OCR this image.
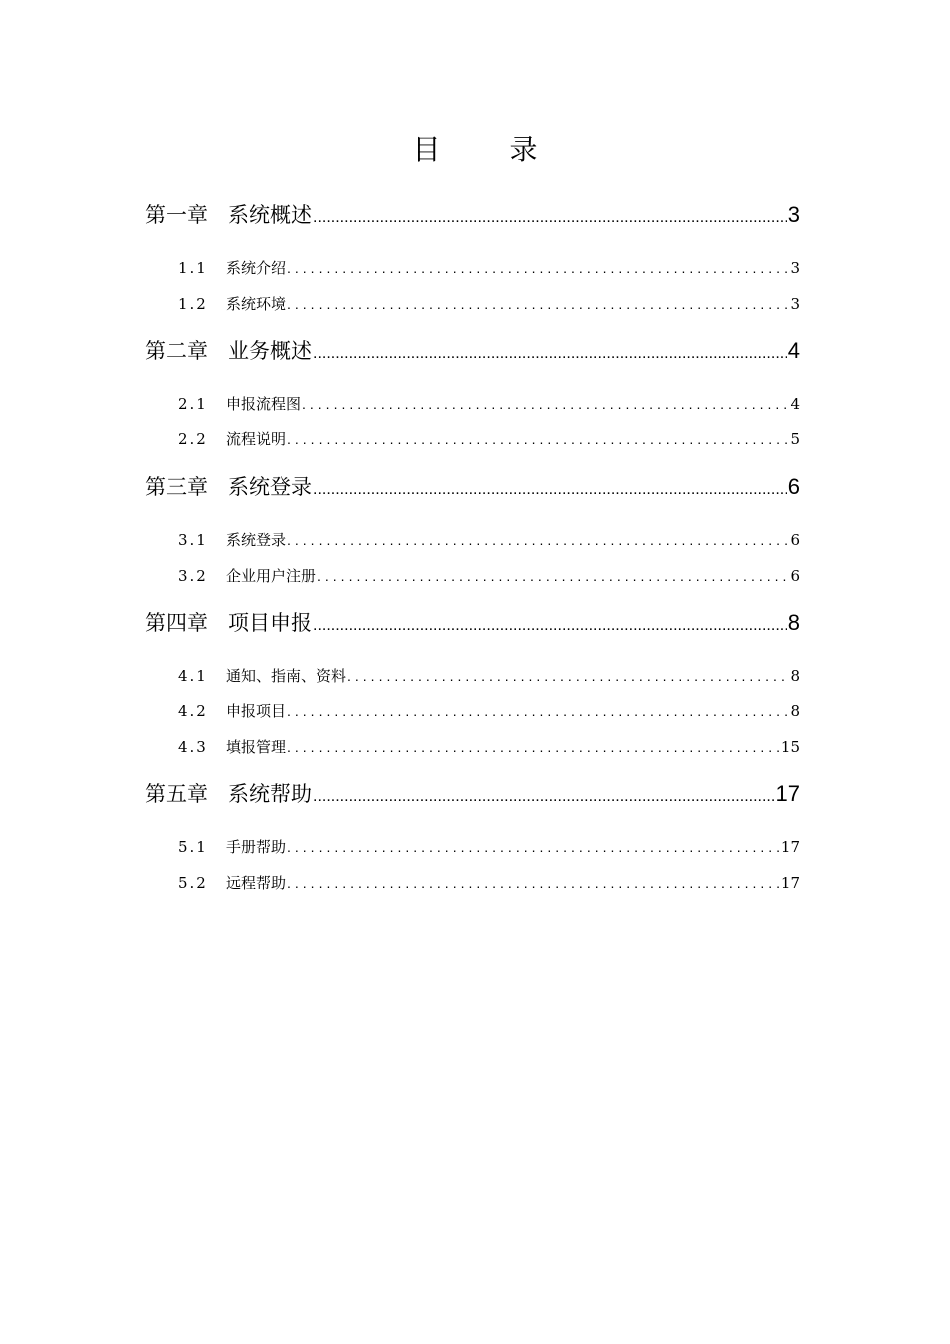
目 录
第一章 系统概述 .....	3
1.1	系统介绍 .....	3
1.2	系统环境 .....	3
第二章 业务概述 .....	4
2.1	申报流程图 .....	4
2.2	流程说明 .....	5
第三章 系统登录 .....	6
3.1	系统登录 .....	6
3.2	企业用户注册 .....	6
第四章 项目申报 .....	8
4.1	通知、指南、资料 .....	8
4.2	申报项目 .....	8
4.3	填报管理 .....	15
第五章 系统帮助 .....	17
5.1	手册帮助 .....	17
5.2	远程帮助 .....	17
